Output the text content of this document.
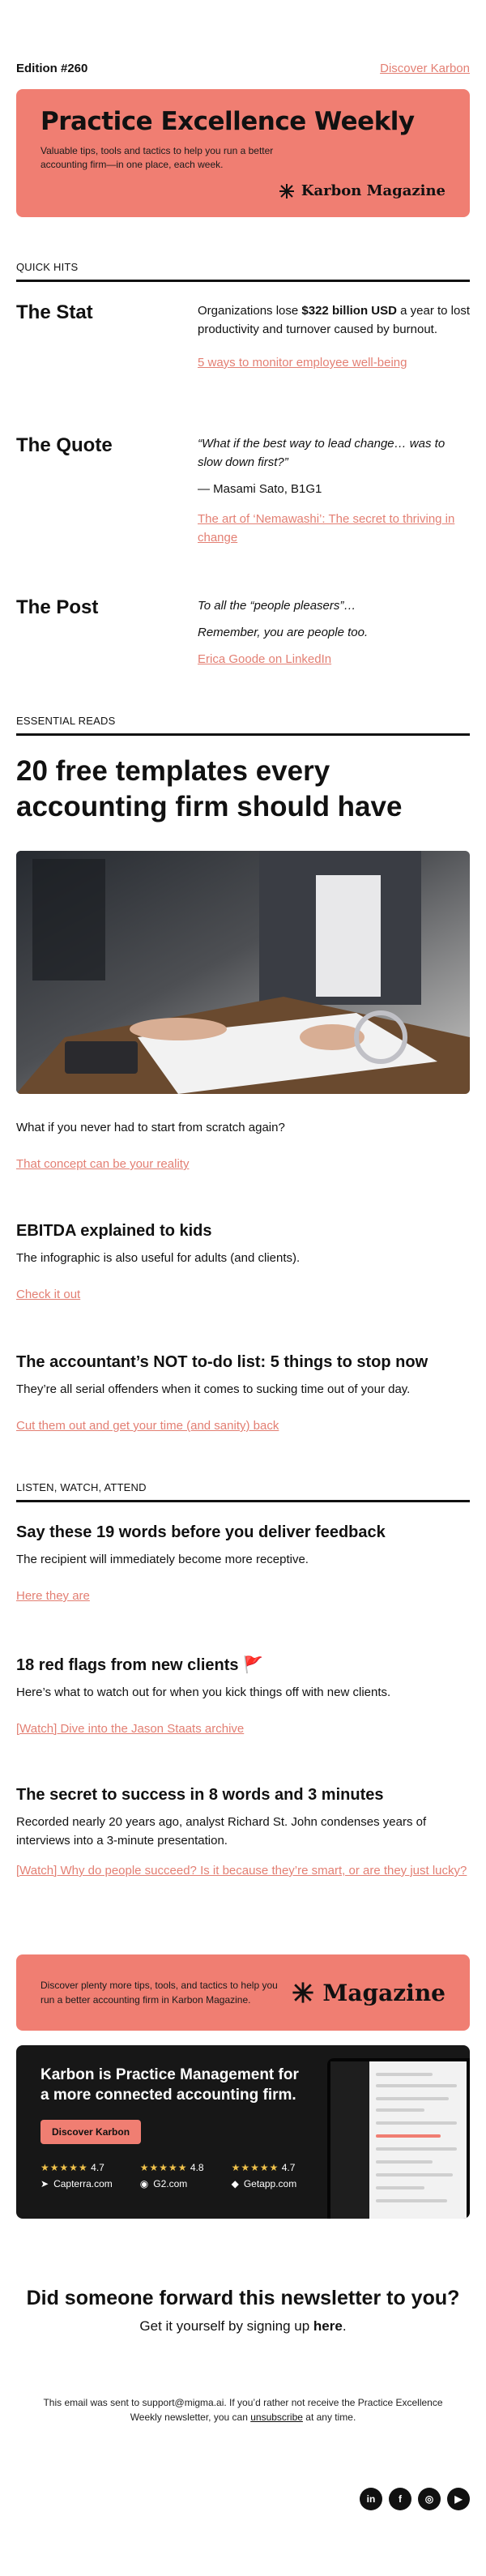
Edition #260	Discover Karbon
Practice Excellence Weekly

Valuable tips, tools and tactics to help you run a better accounting firm—in one place, each week.

Karbon Magazine
QUICK HITS
The Stat	Organizations lose $322 billion USD a year to lost productivity and turnover caused by burnout.

5 ways to monitor employee well-being

The Quote	“What if the best way to lead change… was to slow down first?”

— Masami Sato, B1G1

The art of ‘Nemawashi’: The secret to thriving in change

The Post	To all the “people pleasers”…

Remember, you are people too.

Erica Goode on LinkedIn

ESSENTIAL READS
20 free templates every accounting firm should have

What if you never had to start from scratch again?

That concept can be your reality

EBITDA explained to kids

The infographic is also useful for adults (and clients).

Check it out

The accountant’s NOT to-do list: 5 things to stop now

They’re all serial offenders when it comes to sucking time out of your day.

Cut them out and get your time (and sanity) back

LISTEN, WATCH, ATTEND
Say these 19 words before you deliver feedback

The recipient will immediately become more receptive.

Here they are

18 red flags from new clients 🚩

Here’s what to watch out for when you kick things off with new clients.

[Watch] Dive into the Jason Staats archive

The secret to success in 8 words and 3 minutes

Recorded nearly 20 years ago, analyst Richard St. John condenses years of interviews into a 3-minute presentation.

[Watch] Why do people succeed? Is it because they’re smart, or are they just lucky?

Discover plenty more tips, tools, and tactics to help you run a better accounting firm in Karbon Magazine.	Magazine
Karbon is Practice Management for a more connected accounting firm.
Discover Karbon
★★★★★ 4.7
➤ Capterra.com
★★★★★ 4.8
◉ G2.com
★★★★★ 4.7
◆ Getapp.com
Did someone forward this newsletter to you?

Get it yourself by signing up here.

This email was sent to support@migma.ai. If you’d rather not receive the Practice Excellence Weekly newsletter, you can unsubscribe at any time.
in	f	◎	▶
